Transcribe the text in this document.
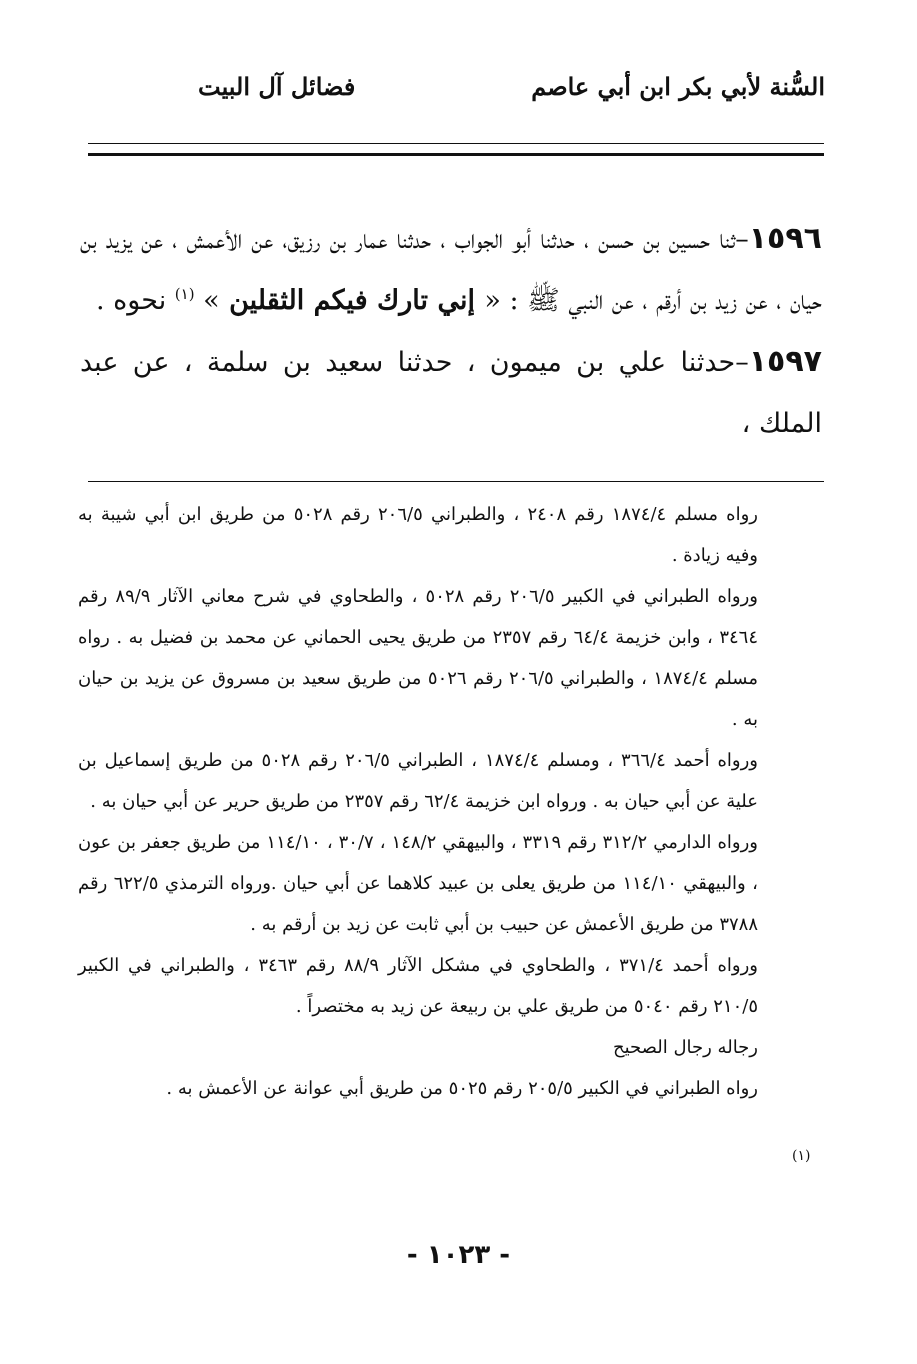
السُّنة لأبي بكر ابن أبي عاصم
فضائل آل البيت

١٥٩٦–ثنا حسين بن حسن ، حدثنا أبو الجواب ، حدثنا عمار بن رزيق، عن الأعمش ، عن يزيد بن حيان ، عن زيد بن أرقم ، عن النبي ﷺ : « إني تارك فيكم الثقلين » $^{(١)}$ نحوه .

١٥٩٧–حدثنا علي بن ميمون ، حدثنا سعيد بن سلمة ، عن عبد الملك ،

رواه مسلم ١٨٧٤/٤ رقم ٢٤٠٨ ، والطبراني ٢٠٦/٥ رقم ٥٠٢٨ من طريق ابن أبي شيبة به وفيه زيادة .

ورواه الطبراني في الكبير ٢٠٦/٥ رقم ٥٠٢٨ ، والطحاوي في شرح معاني الآثار ٨٩/٩ رقم ٣٤٦٤ ، وابن خزيمة ٦٤/٤ رقم ٢٣٥٧ من طريق يحيى الحماني عن محمد بن فضيل به . رواه مسلم ١٨٧٤/٤ ، والطبراني ٢٠٦/٥ رقم ٥٠٢٦ من طريق سعيد بن مسروق عن يزيد بن حيان به .

ورواه أحمد ٣٦٦/٤ ، ومسلم ١٨٧٤/٤ ، الطبراني ٢٠٦/٥ رقم ٥٠٢٨ من طريق إسماعيل بن علية عن أبي حيان به . ورواه ابن خزيمة ٦٢/٤ رقم ٢٣٥٧ من طريق حرير عن أبي حيان به .

ورواه الدارمي ٣١٢/٢ رقم ٣٣١٩ ، والبيهقي ١٤٨/٢ ، ٣٠/٧ ، ١١٤/١٠ من طريق جعفر بن عون ، والبيهقي ١١٤/١٠ من طريق يعلى بن عبيد كلاهما عن أبي حيان .ورواه الترمذي ٦٢٢/٥ رقم ٣٧٨٨ من طريق الأعمش عن حبيب بن أبي ثابت عن زيد بن أرقم به .

ورواه أحمد ٣٧١/٤ ، والطحاوي في مشكل الآثار ٨٨/٩ رقم ٣٤٦٣ ، والطبراني في الكبير ٢١٠/٥ رقم ٥٠٤٠ من طريق علي بن ربيعة عن زيد به مختصراً .

رجاله رجال الصحيح

رواه الطبراني في الكبير ٢٠٥/٥ رقم ٥٠٢٥ من طريق أبي عوانة عن الأعمش به .

(١)
- ١٠٢٣ -
